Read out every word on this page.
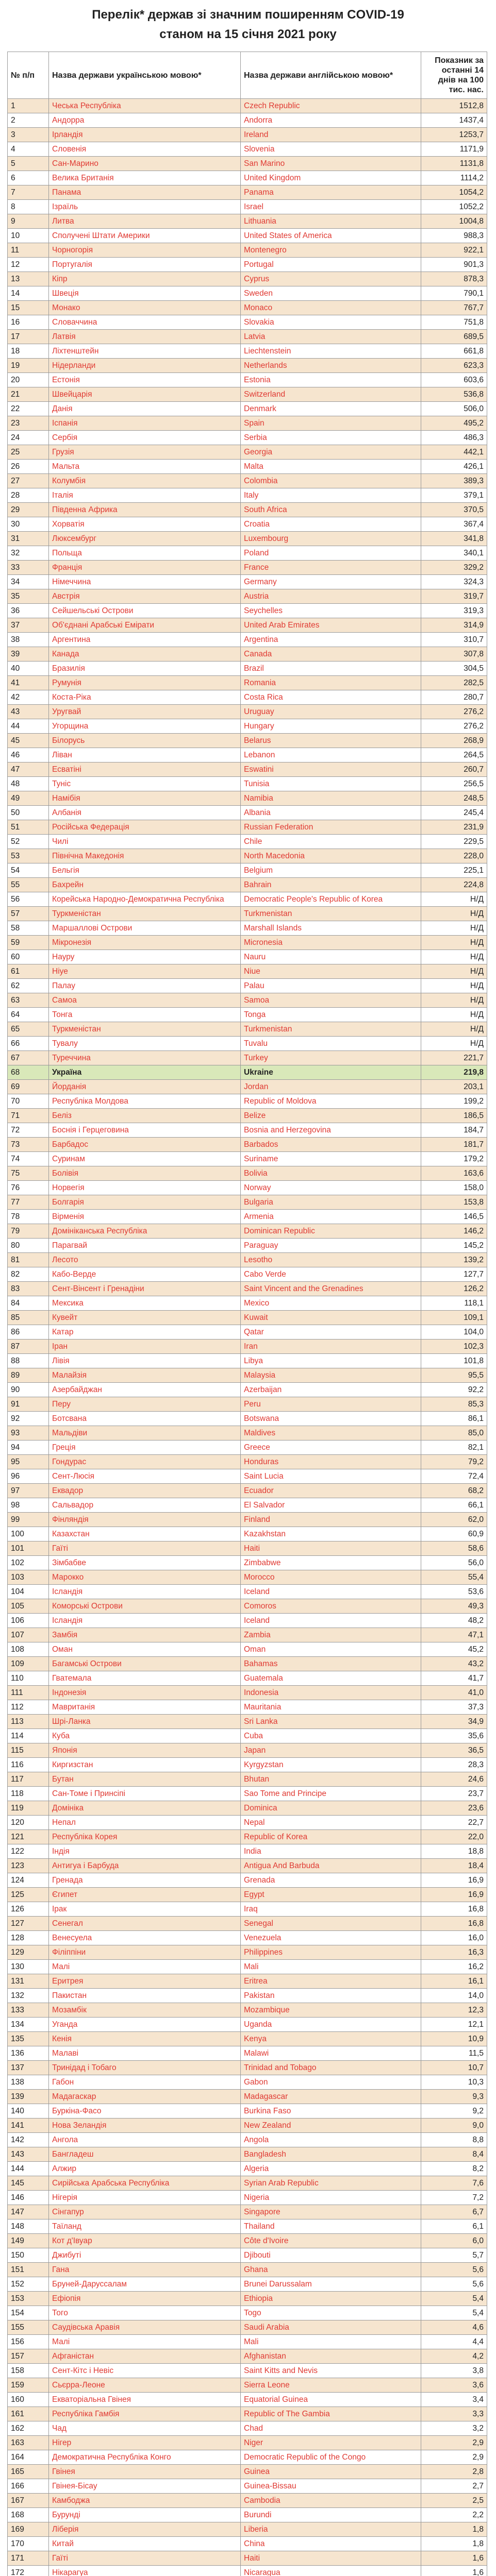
Перелік* держав зі значним поширенням COVID-19
станом на 15 січня 2021 року
№ п/п	Назва держави українською мовою*	Назва держави англійською мовою*	Показник за останні 14 днів на 100 тис. нас.
1	Чеська Республіка	Czech Republic	1512,8
2	Андорра	Andorra	1437,4
3	Ірландія	Ireland	1253,7
4	Словенія	Slovenia	1171,9
5	Сан-Марино	San Marino	1131,8
6	Велика Британія	United Kingdom	1114,2
7	Панама	Panama	1054,2
8	Ізраїль	Israel	1052,2
9	Литва	Lithuania	1004,8
10	Сполучені Штати Америки	United States of America	988,3
11	Чорногорія	Montenegro	922,1
12	Португалія	Portugal	901,3
13	Кіпр	Cyprus	878,3
14	Швеція	Sweden	790,1
15	Монако	Monaco	767,7
16	Словаччина	Slovakia	751,8
17	Латвія	Latvia	689,5
18	Ліхтенштейн	Liechtenstein	661,8
19	Нідерланди	Netherlands	623,3
20	Естонія	Estonia	603,6
21	Швейцарія	Switzerland	536,8
22	Данія	Denmark	506,0
23	Іспанія	Spain	495,2
24	Сербія	Serbia	486,3
25	Грузія	Georgia	442,1
26	Мальта	Malta	426,1
27	Колумбія	Colombia	389,3
28	Італія	Italy	379,1
29	Південна Африка	South Africa	370,5
30	Хорватія	Croatia	367,4
31	Люксембург	Luxembourg	341,8
32	Польща	Poland	340,1
33	Франція	France	329,2
34	Німеччина	Germany	324,3
35	Австрія	Austria	319,7
36	Сейшельські Острови	Seychelles	319,3
37	Об'єднані Арабські Емірати	United Arab Emirates	314,9
38	Аргентина	Argentina	310,7
39	Канада	Canada	307,8
40	Бразилія	Brazil	304,5
41	Румунія	Romania	282,5
42	Коста-Ріка	Costa Rica	280,7
43	Уругвай	Uruguay	276,2
44	Угорщина	Hungary	276,2
45	Білорусь	Belarus	268,9
46	Ліван	Lebanon	264,5
47	Есватіні	Eswatini	260,7
48	Туніс	Tunisia	256,5
49	Намібія	Namibia	248,5
50	Албанія	Albania	245,4
51	Російська Федерація	Russian Federation	231,9
52	Чилі	Chile	229,5
53	Північна Македонія	North Macedonia	228,0
54	Бельгія	Belgium	225,1
55	Бахрейн	Bahrain	224,8
56	Корейська Народно-Демократична Республіка	Democratic People's Republic of Korea	Н/Д
57	Туркменістан	Turkmenistan	Н/Д
58	Маршаллові Острови	Marshall Islands	Н/Д
59	Мікронезія	Micronesia	Н/Д
60	Науру	Nauru	Н/Д
61	Ніуе	Niue	Н/Д
62	Палау	Palau	Н/Д
63	Самоа	Samoa	Н/Д
64	Тонга	Tonga	Н/Д
65	Туркменістан	Turkmenistan	Н/Д
66	Тувалу	Tuvalu	Н/Д
67	Туреччина	Turkey	221,7
68	Україна	Ukraine	219,8
69	Йорданія	Jordan	203,1
70	Республіка Молдова	Republic of Moldova	199,2
71	Беліз	Belize	186,5
72	Боснія і Герцеговина	Bosnia and Herzegovina	184,7
73	Барбадос	Barbados	181,7
74	Суринам	Suriname	179,2
75	Болівія	Bolivia	163,6
76	Норвегія	Norway	158,0
77	Болгарія	Bulgaria	153,8
78	Вірменія	Armenia	146,5
79	Домініканська Республіка	Dominican Republic	146,2
80	Парагвай	Paraguay	145,2
81	Лесото	Lesotho	139,2
82	Кабо-Верде	Cabo Verde	127,7
83	Сент-Вінсент і Гренадіни	Saint Vincent and the Grenadines	126,2
84	Мексика	Mexico	118,1
85	Кувейт	Kuwait	109,1
86	Катар	Qatar	104,0
87	Іран	Iran	102,3
88	Лівія	Libya	101,8
89	Малайзія	Malaysia	95,5
90	Азербайджан	Azerbaijan	92,2
91	Перу	Peru	85,3
92	Ботсвана	Botswana	86,1
93	Мальдіви	Maldives	85,0
94	Греція	Greece	82,1
95	Гондурас	Honduras	79,2
96	Сент-Люсія	Saint Lucia	72,4
97	Еквадор	Ecuador	68,2
98	Сальвадор	El Salvador	66,1
99	Фінляндія	Finland	62,0
100	Казахстан	Kazakhstan	60,9
101	Гаїті	Haiti	58,6
102	Зімбабве	Zimbabwe	56,0
103	Марокко	Morocco	55,4
104	Ісландія	Iceland	53,6
105	Коморські Острови	Comoros	49,3
106	Ісландія	Iceland	48,2
107	Замбія	Zambia	47,1
108	Оман	Oman	45,2
109	Багамські Острови	Bahamas	43,2
110	Гватемала	Guatemala	41,7
111	Індонезія	Indonesia	41,0
112	Мавританія	Mauritania	37,3
113	Шрі-Ланка	Sri Lanka	34,9
114	Куба	Cuba	35,6
115	Японія	Japan	36,5
116	Киргизстан	Kyrgyzstan	28,3
117	Бутан	Bhutan	24,6
118	Сан-Томе і Принсіпі	Sao Tome and Principe	23,7
119	Домініка	Dominica	23,6
120	Непал	Nepal	22,7
121	Республіка Корея	Republic of Korea	22,0
122	Індія	India	18,8
123	Антигуа і Барбуда	Antigua And Barbuda	18,4
124	Гренада	Grenada	16,9
125	Єгипет	Egypt	16,9
126	Ірак	Iraq	16,8
127	Сенегал	Senegal	16,8
128	Венесуела	Venezuela	16,0
129	Філіппіни	Philippines	16,3
130	Малі	Mali	16,2
131	Еритрея	Eritrea	16,1
132	Пакистан	Pakistan	14,0
133	Мозамбік	Mozambique	12,3
134	Уганда	Uganda	12,1
135	Кенія	Kenya	10,9
136	Малаві	Malawi	11,5
137	Тринідад і Тобаго	Trinidad and Tobago	10,7
138	Габон	Gabon	10,3
139	Мадагаскар	Madagascar	9,3
140	Буркіна-Фасо	Burkina Faso	9,2
141	Нова Зеландія	New Zealand	9,0
142	Ангола	Angola	8,8
143	Бангладеш	Bangladesh	8,4
144	Алжир	Algeria	8,2
145	Сирійська Арабська Республіка	Syrian Arab Republic	7,6
146	Нігерія	Nigeria	7,2
147	Сінгапур	Singapore	6,7
148	Таїланд	Thailand	6,1
149	Кот д'Івуар	Côte d'Ivoire	6,0
150	Джибуті	Djibouti	5,7
151	Гана	Ghana	5,6
152	Бруней-Даруссалам	Brunei Darussalam	5,6
153	Ефіопія	Ethiopia	5,4
154	Того	Togo	5,4
155	Саудівська Аравія	Saudi Arabia	4,6
156	Малі	Mali	4,4
157	Афганістан	Afghanistan	4,2
158	Сент-Кітс і Невіс	Saint Kitts and Nevis	3,8
159	Сьєрра-Леоне	Sierra Leone	3,6
160	Екваторіальна Гвінея	Equatorial Guinea	3,4
161	Республіка Гамбія	Republic of The Gambia	3,3
162	Чад	Chad	3,2
163	Нігер	Niger	2,9
164	Демократична Республіка Конго	Democratic Republic of the Congo	2,9
165	Гвінея	Guinea	2,8
166	Гвінея-Бісау	Guinea-Bissau	2,7
167	Камбоджа	Cambodia	2,5
168	Бурунді	Burundi	2,2
169	Ліберія	Liberia	1,8
170	Китай	China	1,8
171	Гаїті	Haiti	1,6
172	Нікарагуа	Nicaragua	1,6
